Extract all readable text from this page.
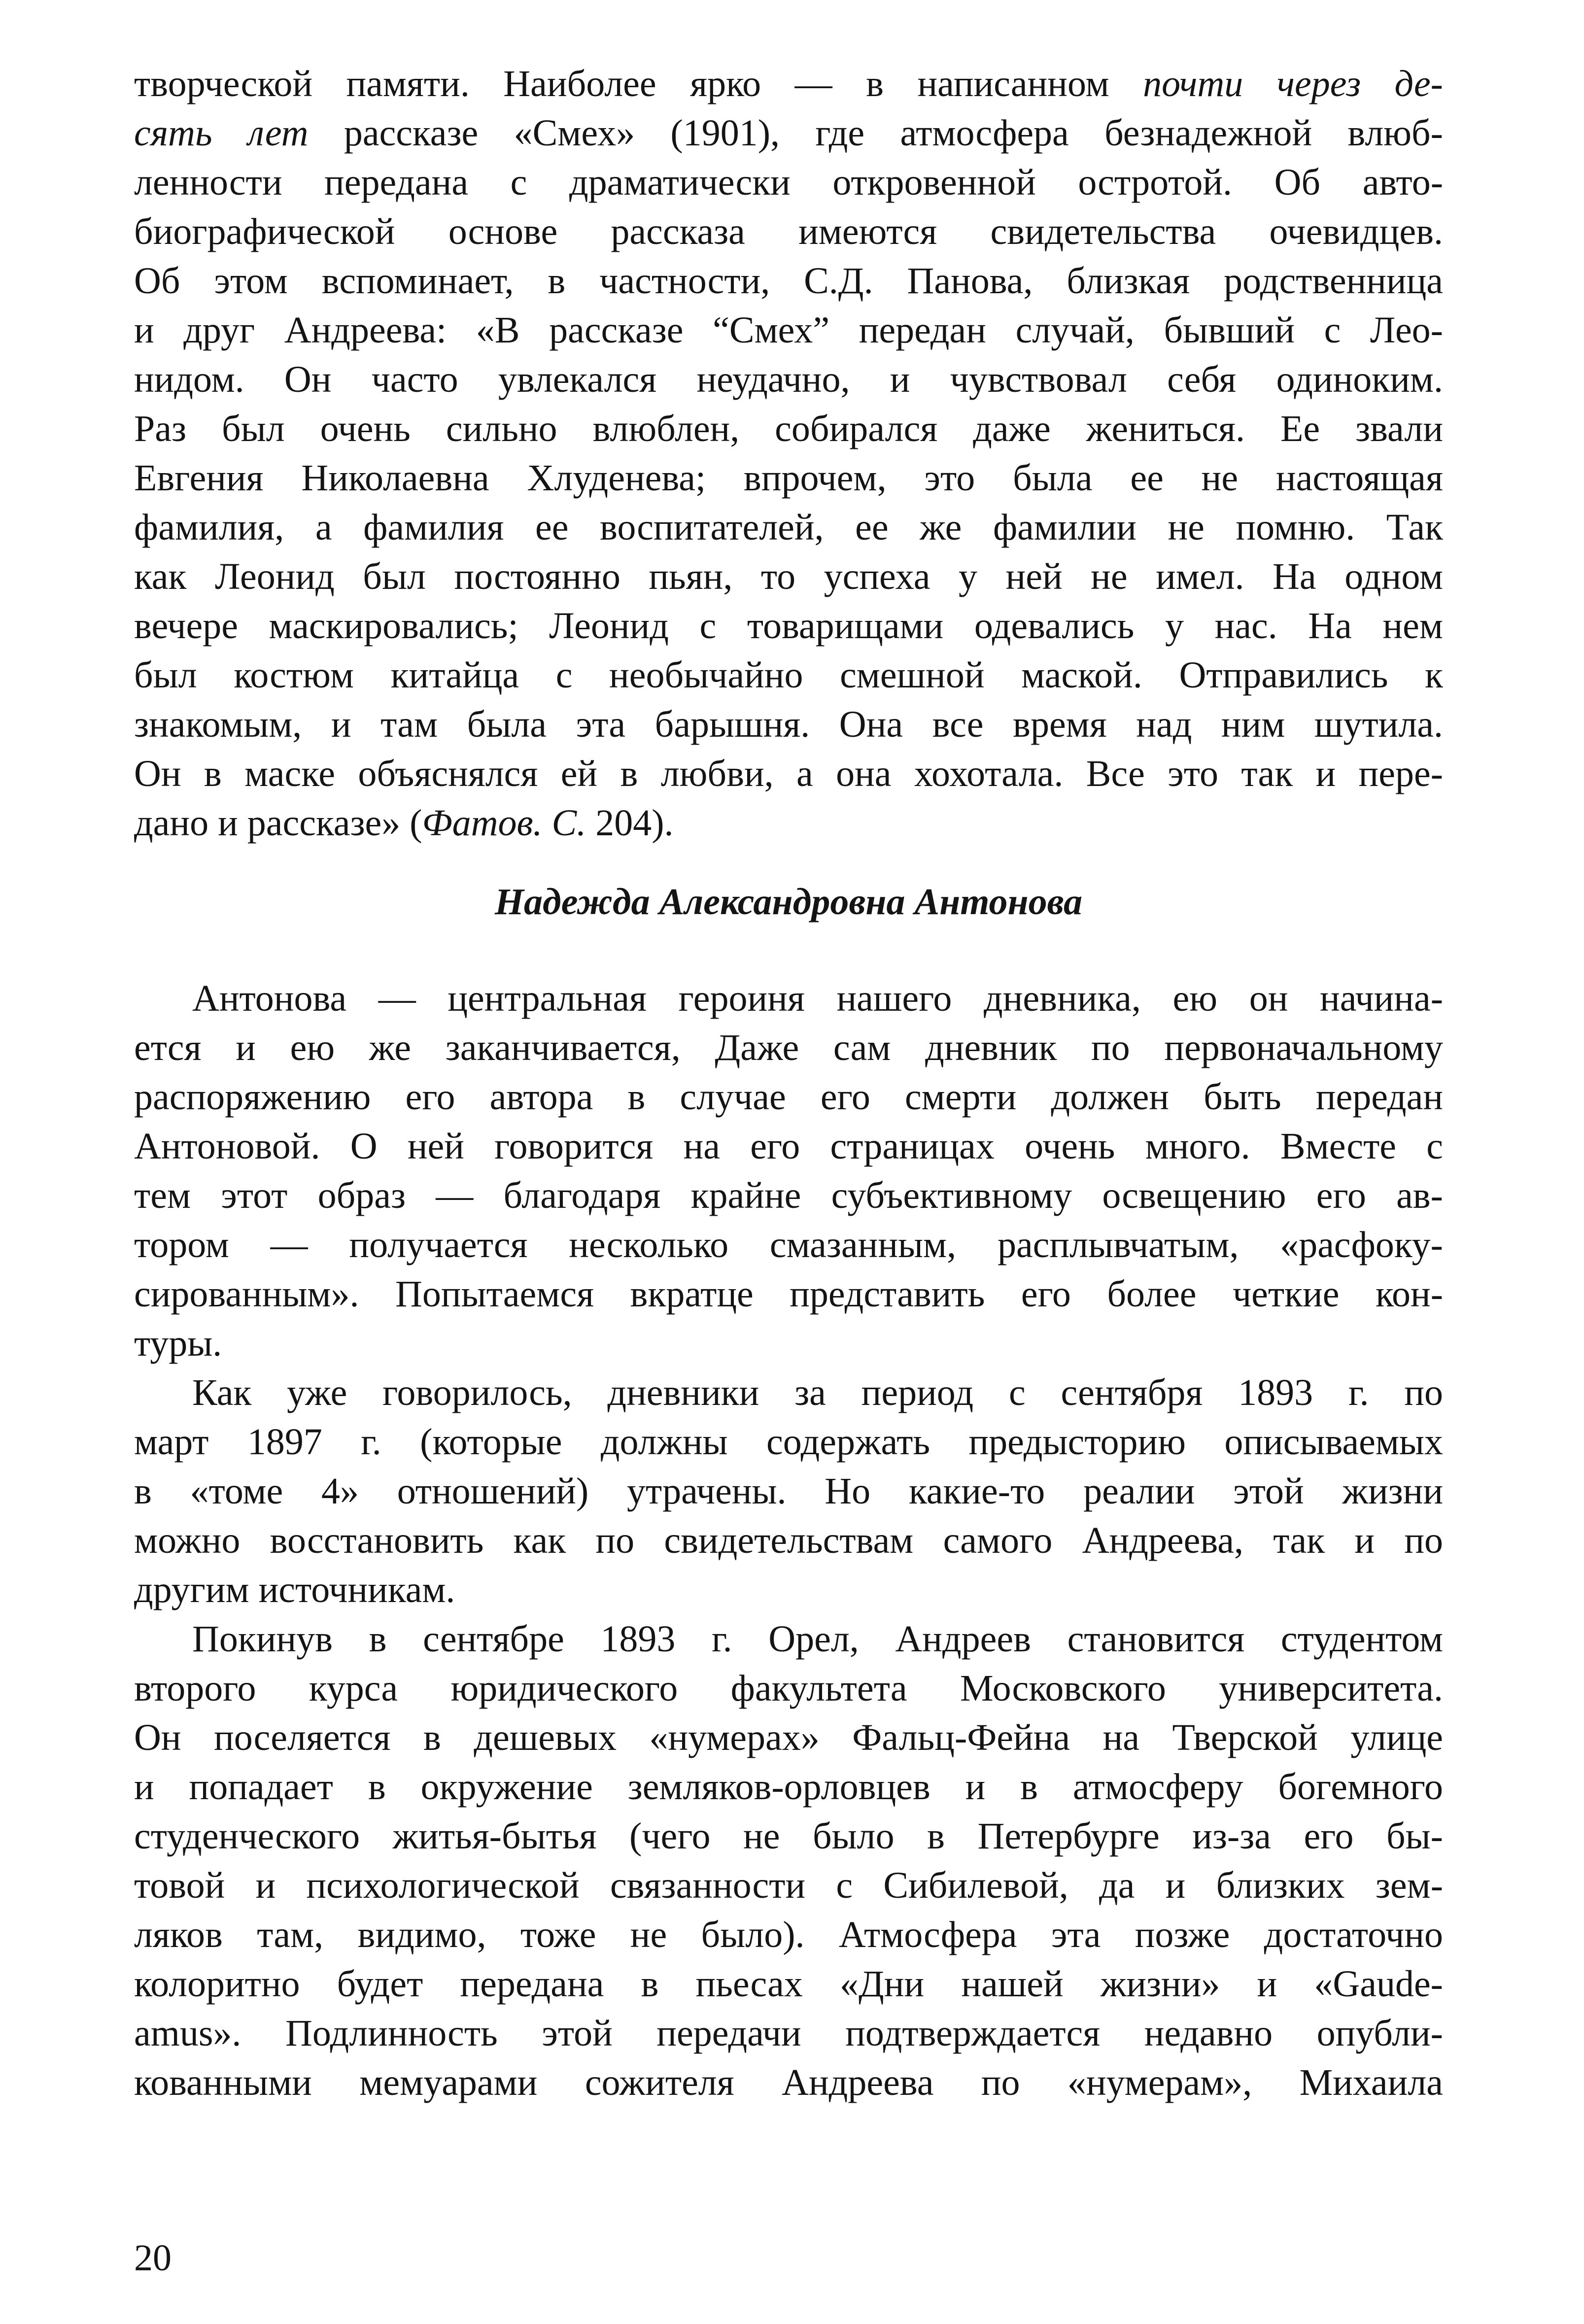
творческой памяти. Наиболее ярко — в написанном почти через де-
сять лет рассказе «Смех» (1901), где атмосфера безнадежной влюб-
ленности передана с драматически откровенной остротой. Об авто-
биографической основе рассказа имеются свидетельства очевидцев.
Об этом вспоминает, в частности, С.Д. Панова, близкая родственница
и друг Андреева: «В рассказе “Смех” передан случай, бывший с Лео-
нидом. Он часто увлекался неудачно, и чувствовал себя одиноким.
Раз был очень сильно влюблен, собирался даже жениться. Ее звали
Евгения Николаевна Хлуденева; впрочем, это была ее не настоящая
фамилия, а фамилия ее воспитателей, ее же фамилии не помню. Так
как Леонид был постоянно пьян, то успеха у ней не имел. На одном
вечере маскировались; Леонид с товарищами одевались у нас. На нем
был костюм китайца с необычайно смешной маской. Отправились к
знакомым, и там была эта барышня. Она все время над ним шутила.
Он в маске объяснялся ей в любви, а она хохотала. Все это так и пере-
дано и рассказе» (Фатов. С. 204).
Надежда Александровна Антонова
Антонова — центральная героиня нашего дневника, ею он начина-
ется и ею же заканчивается, Даже сам дневник по первоначальному
распоряжению его автора в случае его смерти должен быть передан
Антоновой. О ней говорится на его страницах очень много. Вместе с
тем этот образ — благодаря крайне субъективному освещению его ав-
тором — получается несколько смазанным, расплывчатым, «расфоку-
сированным». Попытаемся вкратце представить его более четкие кон-
туры.
Как уже говорилось, дневники за период с сентября 1893 г. по
март 1897 г. (которые должны содержать предысторию описываемых
в «томе 4» отношений) утрачены. Но какие-то реалии этой жизни
можно восстановить как по свидетельствам самого Андреева, так и по
другим источникам.
Покинув в сентябре 1893 г. Орел, Андреев становится студентом
второго курса юридического факультета Московского университета.
Он поселяется в дешевых «нумерах» Фальц-Фейна на Тверской улице
и попадает в окружение земляков-орловцев и в атмосферу богемного
студенческого житья-бытья (чего не было в Петербурге из-за его бы-
товой и психологической связанности с Сибилевой, да и близких зем-
ляков там, видимо, тоже не было). Атмосфера эта позже достаточно
колоритно будет передана в пьесах «Дни нашей жизни» и «Gaude-
amus». Подлинность этой передачи подтверждается недавно опубли-
кованными мемуарами сожителя Андреева по «нумерам», Михаила
20
